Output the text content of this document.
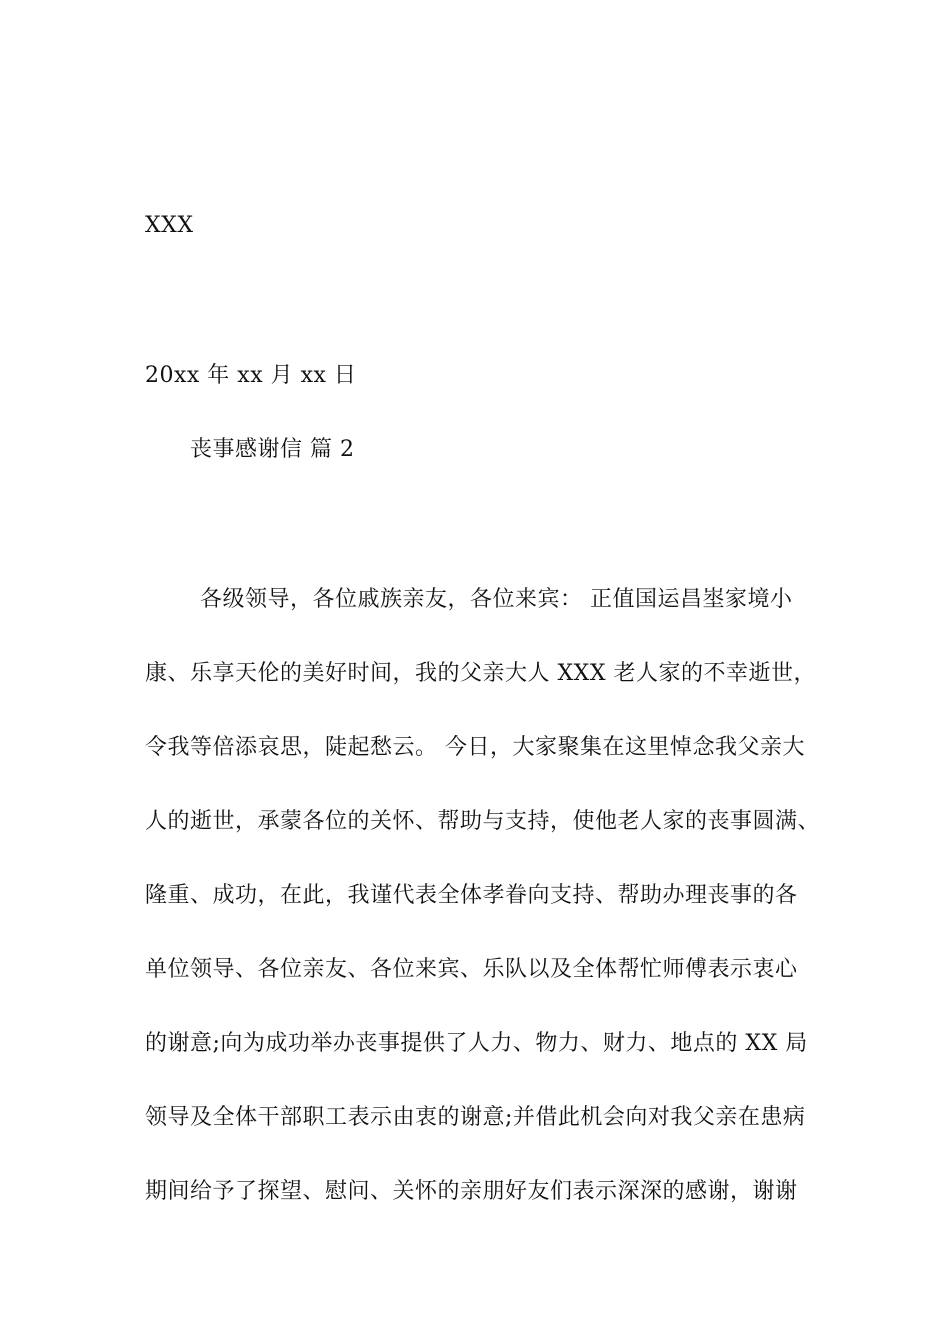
XXX
20xx 年 xx 月 xx 日
丧事感谢信 篇 2
各级领导，各位戚族亲友，各位来宾： 正值国运昌埊家境小
康、乐享天伦的美好时间，我的父亲大人 XXX 老人家的不幸逝世，
令我等倍添哀思，陡起愁云。 今日，大家聚集在这里悼念我父亲大
人的逝世，承蒙各位的关怀、帮助与支持，使他老人家的丧事圆满、
隆重、成功，在此，我谨代表全体孝眷向支持、帮助办理丧事的各
单位领导、各位亲友、各位来宾、乐队以及全体帮忙师傅表示衷心
的谢意;向为成功举办丧事提供了人力、物力、财力、地点的 XX 局
领导及全体干部职工表示由衷的谢意;并借此机会向对我父亲在患病
期间给予了探望、慰问、关怀的亲朋好友们表示深深的感谢，谢谢
